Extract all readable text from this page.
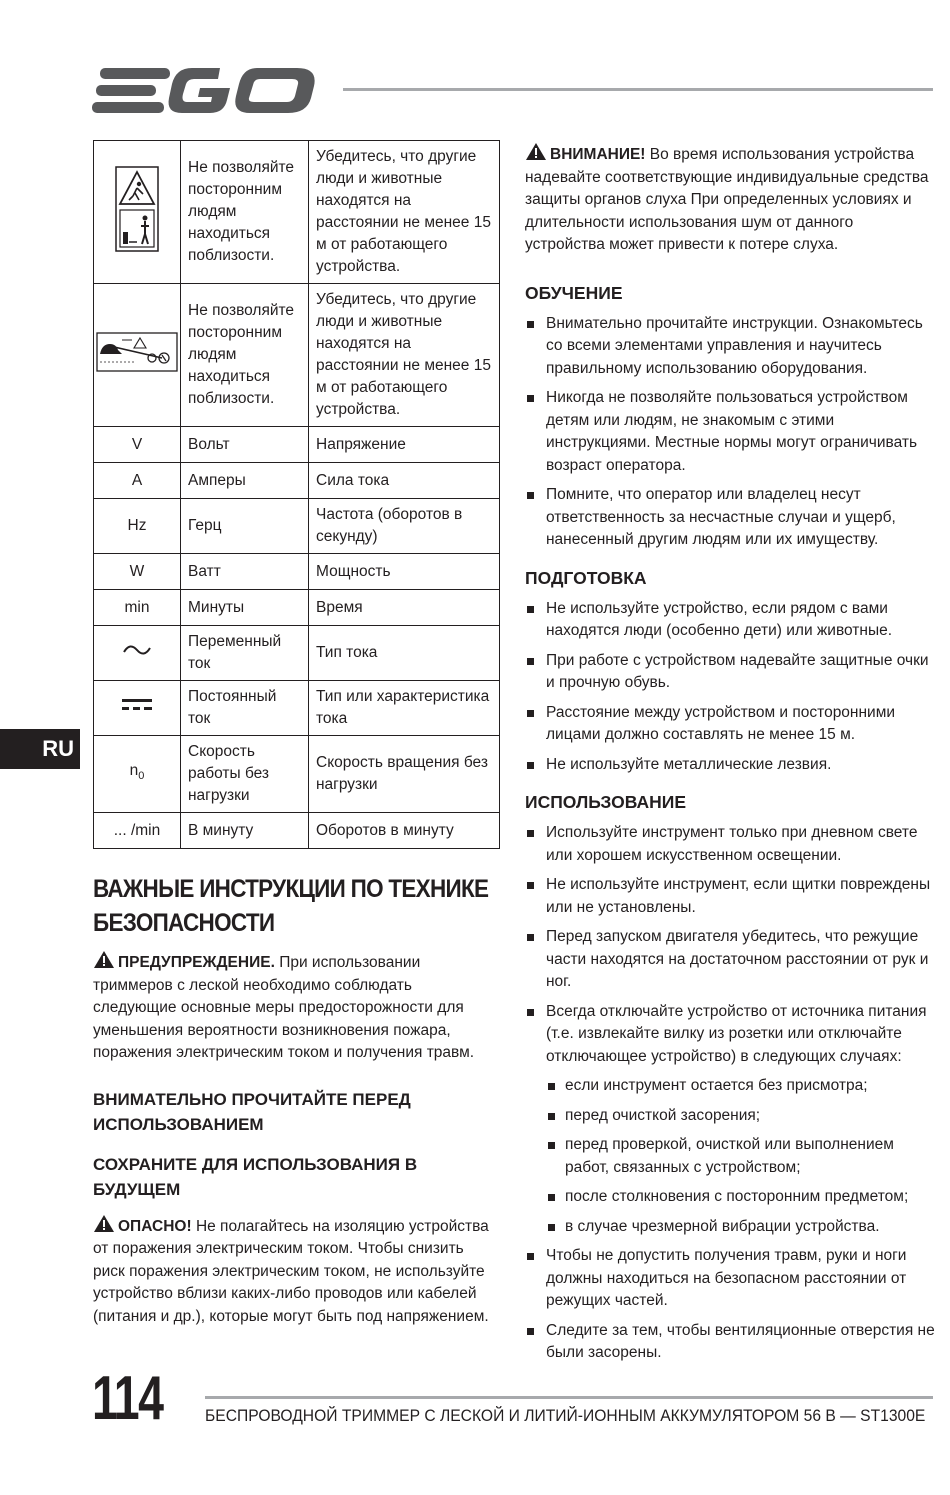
	Не позволяйте посторонним людям находиться поблизости.	Убедитесь, что другие люди и животные находятся на расстоянии не менее 15 м от работающего устройства.
	Не позволяйте посторонним людям находиться поблизости.	Убедитесь, что другие люди и животные находятся на расстоянии не менее 15 м от работающего устройства.
V	Вольт	Напряжение
A	Амперы	Сила тока
Hz	Герц	Частота (оборотов в секунду)
W	Ватт	Мощность
min	Минуты	Время
	Переменный ток	Тип тока
	Постоянный ток	Тип или характеристика тока
$n_0$	Скорость работы без нагрузки	Скорость вращения без нагрузки
... /min	В минуту	Оборотов в минуту
ВАЖНЫЕ ИНСТРУКЦИИ ПО ТЕХНИКЕ БЕЗОПАСНОСТИ

ПРЕДУПРЕЖДЕНИЕ. При использовании триммеров с леской необходимо соблюдать следующие основные меры предосторожности для уменьшения вероятности возникновения пожара, поражения электрическим током и получения травм.

ВНИМАТЕЛЬНО ПРОЧИТАЙТЕ ПЕРЕД ИСПОЛЬЗОВАНИЕМ
СОХРАНИТЕ ДЛЯ ИСПОЛЬЗОВАНИЯ В БУДУЩЕМ

ОПАСНО! Не полагайтесь на изоляцию устройства от поражения электрическим током. Чтобы снизить риск поражения электрическим током, не используйте устройство вблизи каких-либо проводов или кабелей (питания и др.), которые могут быть под напряжением.

ВНИМАНИЕ! Во время использования устройства надевайте соответствующие индивидуальные средства защиты органов слуха При определенных условиях и длительности использования шум от данного устройства может привести к потере слуха.

ОБУЧЕНИЕ
Внимательно прочитайте инструкции. Ознакомьтесь со всеми элементами управления и научитесь правильному использованию оборудования.
Никогда не позволяйте пользоваться устройством детям или людям, не знакомым с этими инструкциями. Местные нормы могут ограничивать возраст оператора.
Помните, что оператор или владелец несут ответственность за несчастные случаи и ущерб, нанесенный другим людям или их имуществу.
ПОДГОТОВКА
Не используйте устройство, если рядом с вами находятся люди (особенно дети) или животные.
При работе с устройством надевайте защитные очки и прочную обувь.
Расстояние между устройством и посторонними лицами должно составлять не менее 15 м.
Не используйте металлические лезвия.
ИСПОЛЬЗОВАНИЕ
Используйте инструмент только при дневном свете или хорошем искусственном освещении.
Не используйте инструмент, если щитки повреждены или не установлены.
Перед запуском двигателя убедитесь, что режущие части находятся на достаточном расстоянии от рук и ног.
Всегда отключайте устройство от источника питания (т.е. извлекайте вилку из розетки или отключайте отключающее устройство) в следующих случаях:
если инструмент остается без присмотра;
перед очисткой засорения;
перед проверкой, очисткой или выполнением работ, связанных с устройством;
после столкновения с посторонним предметом;
в случае чрезмерной вибрации устройства.
Чтобы не допустить получения травм, руки и ноги должны находиться на безопасном расстоянии от режущих частей.
Следите за тем, чтобы вентиляционные отверстия не были засорены.
RU
114 БЕСПРОВОДНОЙ ТРИММЕР С ЛЕСКОЙ И ЛИТИЙ-ИОННЫМ АККУМУЛЯТОРОМ 56 В — ST1300E
